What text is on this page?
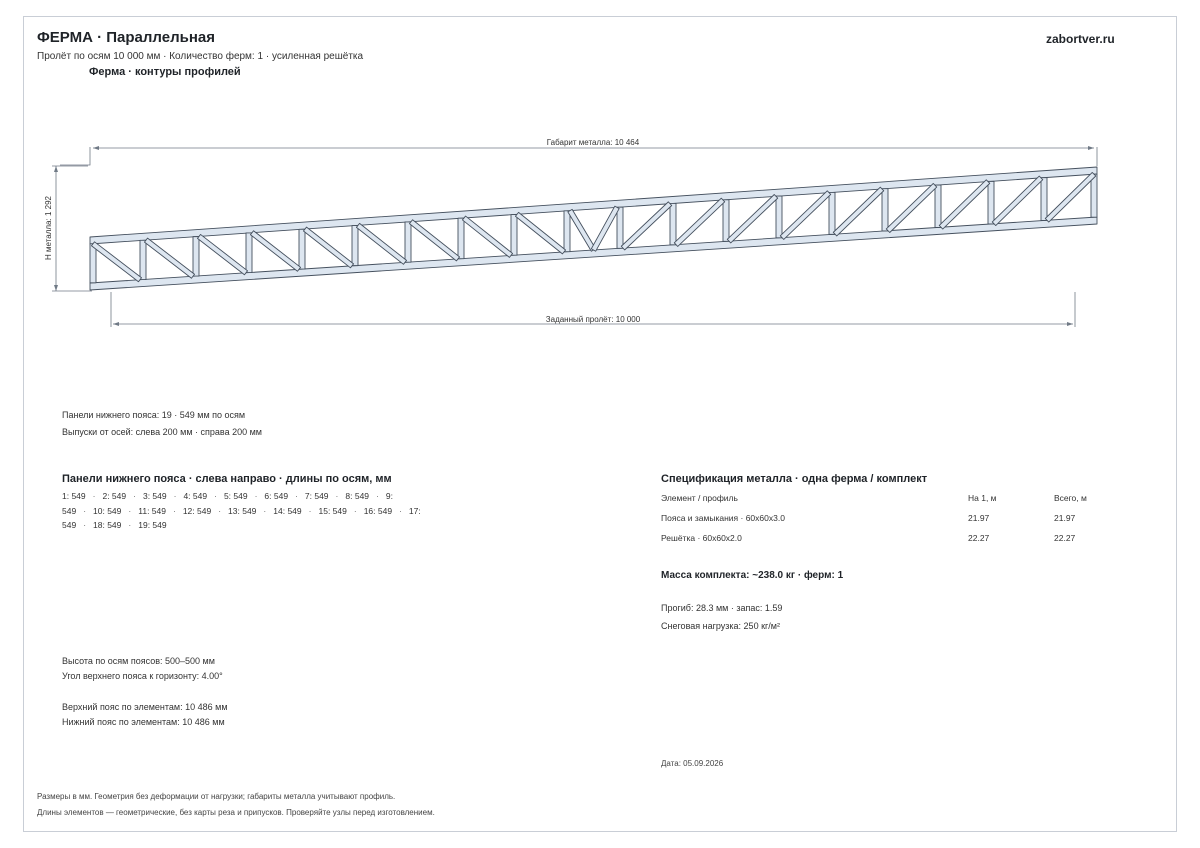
ФЕРМА · Параллельная	zabortver.ru
Пролёт по осям 10 000 мм · Количество ферм: 1 · усиленная решётка
Ферма · контуры профилей
Габарит металла: 10 464
Заданный пролёт: 10 000
Н металла: 1 292
Панели нижнего пояса: 19 · 549 мм по осям
Выпуски от осей: слева 200 мм · справа 200 мм
Панели нижнего пояса · слева направо · длины по осям, мм
1: 549 · 2: 549 · 3: 549 · 4: 549 · 5: 549 · 6: 549 · 7: 549 · 8: 549 · 9: 549 · 10: 549 · 11: 549 · 12: 549 · 13: 549 · 14: 549 · 15: 549 · 16: 549 · 17: 549 · 18: 549 · 19: 549
Высота по осям поясов: 500–500 мм
Угол верхнего пояса к горизонту: 4.00°
Верхний пояс по элементам: 10 486 мм
Нижний пояс по элементам: 10 486 мм
Спецификация металла · одна ферма / комплект
Элемент / профиль	На 1, м	Всего, м
Пояса и замыкания · 60x60x3.0	21.97	21.97
Решётка · 60x60x2.0	22.27	22.27
Масса комплекта: ~238.0 кг · ферм: 1
Прогиб: 28.3 мм · запас: 1.59
Снеговая нагрузка: 250 кг/м²
Дата: 05.09.2026
Размеры в мм. Геометрия без деформации от нагрузки; габариты металла учитывают профиль.
Длины элементов — геометрические, без карты реза и припусков. Проверяйте узлы перед изготовлением.
